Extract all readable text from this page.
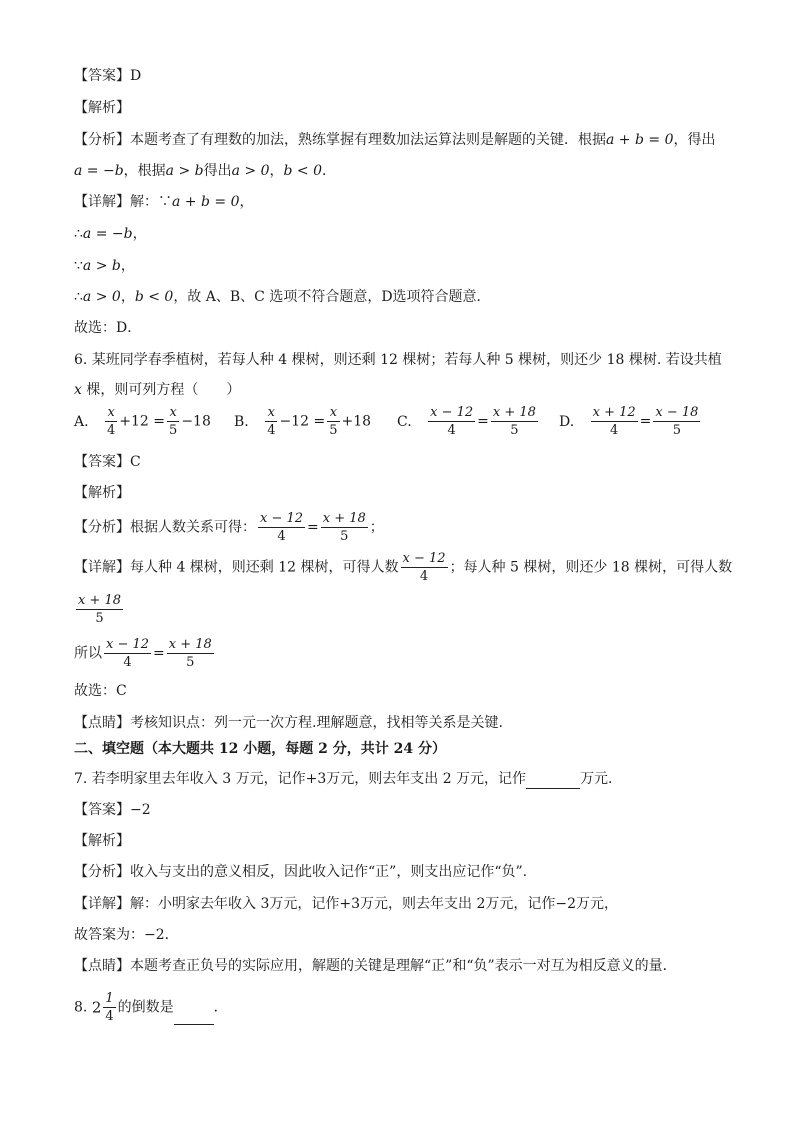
【答案】D
【解析】
【分析】本题考查了有理数的加法，熟练掌握有理数加法运算法则是解题的关键．根据a + b = 0，得出
a = −b，根据a > b得出a > 0，b < 0．
【详解】解：∵a + b = 0，
∴a = −b，
∵a > b，
∴a > 0，b < 0，故 A、B、C 选项不符合题意，D选项符合题意．
故选：D．
6. 某班同学春季植树，若每人种 4 棵树，则还剩 12 棵树；若每人种 5 棵树，则还少 18 棵树. 若设共植
x 棵，则可列方程（　　）
A. $\frac{x}{4} +12 = \frac{x}{5} -18$ B. $\frac{x}{4} -12 = \frac{x}{5} +18$ C. $\frac{x - 12}{4} = \frac{x + 18}{5} D$. $\frac{x + 12}{4} = \frac{x - 18}{5}$
【答案】C
【解析】
【分析】根据人数关系可得： $\frac{x - 12}{4} = \frac{x + 18}{5}$ ；
【详解】每人种 4 棵树，则还剩 12 棵树，可得人数 $\frac{x - 12}{4}$ ；每人种 5 棵树，则还少 18 棵树，可得人数
$\frac{x + 18}{5}$
所以 $\frac{x - 12}{4} = \frac{x + 18}{5}$
故选：C
【点睛】考核知识点：列一元一次方程.理解题意，找相等关系是关键.
二、填空题（本大题共 12 小题，每题 2 分，共计 24 分）
7. 若李明家里去年收入 3 万元，记作+3万元，则去年支出 2 万元，记作	万元．
【答案】−2
【解析】
【分析】收入与支出的意义相反，因此收入记作“正”，则支出应记作“负”.
【详解】解：小明家去年收入 3万元，记作+3万元，则去年支出 2万元，记作−2万元，
故答案为：−2．
【点睛】本题考查正负号的实际应用，解题的关键是理解“正”和“负”表示一对互为相反意义的量．
8. $2 \frac{1}{4}$ 的倒数是	．
